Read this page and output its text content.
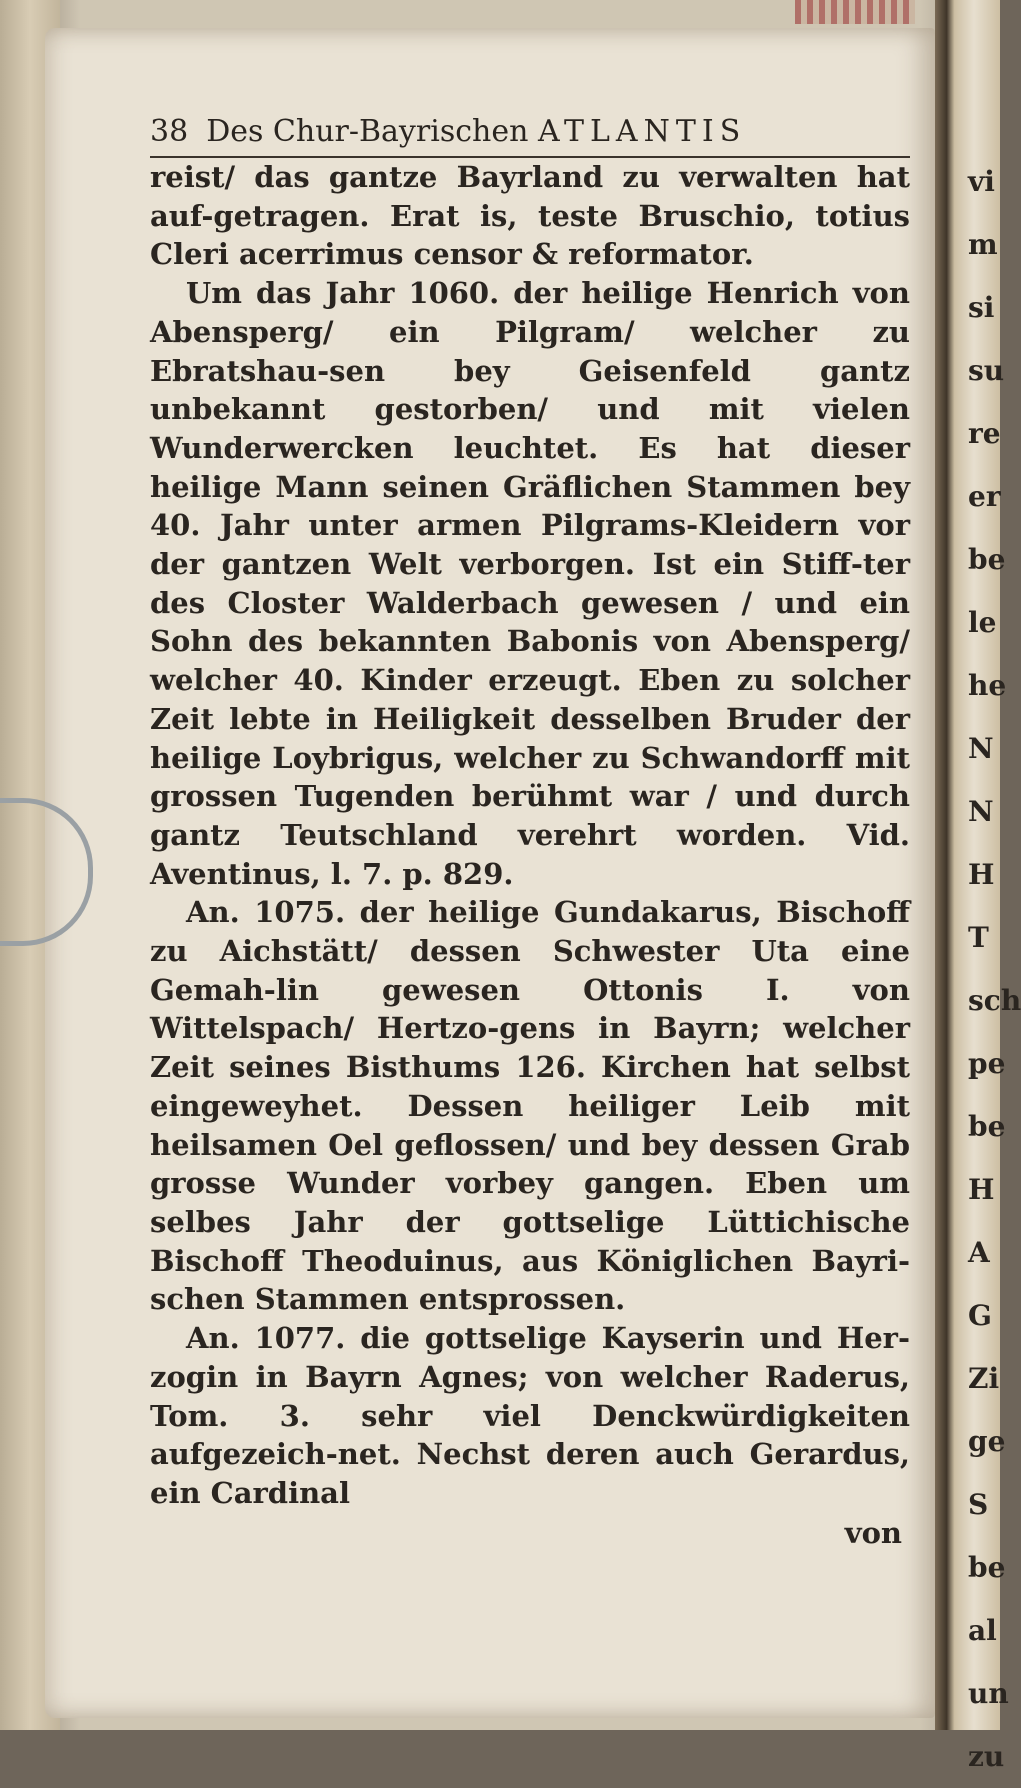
vi
m
si
su
re
er
be
le
he
N
N
H
T
sch
pe
be
H
A
G
Zi
ge
S
be
al
un
zu
38 Des Chur-Bayrischen ATLANTIS

reist/ das gantze Bayrland zu verwalten hat auf-getragen. Erat is, teste Bruschio, totius Cleri acerrimus censor & reformator.

Um das Jahr 1060. der heilige Henrich von Abensperg/ ein Pilgram/ welcher zu Ebratshau-sen bey Geisenfeld gantz unbekannt gestorben/ und mit vielen Wunderwercken leuchtet. Es hat dieser heilige Mann seinen Gräflichen Stammen bey 40. Jahr unter armen Pilgrams-Kleidern vor der gantzen Welt verborgen. Ist ein Stiff-ter des Closter Walderbach gewesen / und ein Sohn des bekannten Babonis von Abensperg/ welcher 40. Kinder erzeugt. Eben zu solcher Zeit lebte in Heiligkeit desselben Bruder der heilige Loybrigus, welcher zu Schwandorff mit grossen Tugenden berühmt war / und durch gantz Teutschland verehrt worden. Vid. Aventinus, l. 7. p. 829.

An. 1075. der heilige Gundakarus, Bischoff zu Aichstätt/ dessen Schwester Uta eine Gemah-lin gewesen Ottonis I. von Wittelspach/ Hertzo-gens in Bayrn; welcher Zeit seines Bisthums 126. Kirchen hat selbst eingeweyhet. Dessen heiliger Leib mit heilsamen Oel geflossen/ und bey dessen Grab grosse Wunder vorbey gangen. Eben um selbes Jahr der gottselige Lüttichische Bischoff Theoduinus, aus Königlichen Bayri-schen Stammen entsprossen.

An. 1077. die gottselige Kayserin und Her-zogin in Bayrn Agnes; von welcher Raderus, Tom. 3. sehr viel Denckwürdigkeiten aufgezeich-net. Nechst deren auch Gerardus, ein Cardinal

von
